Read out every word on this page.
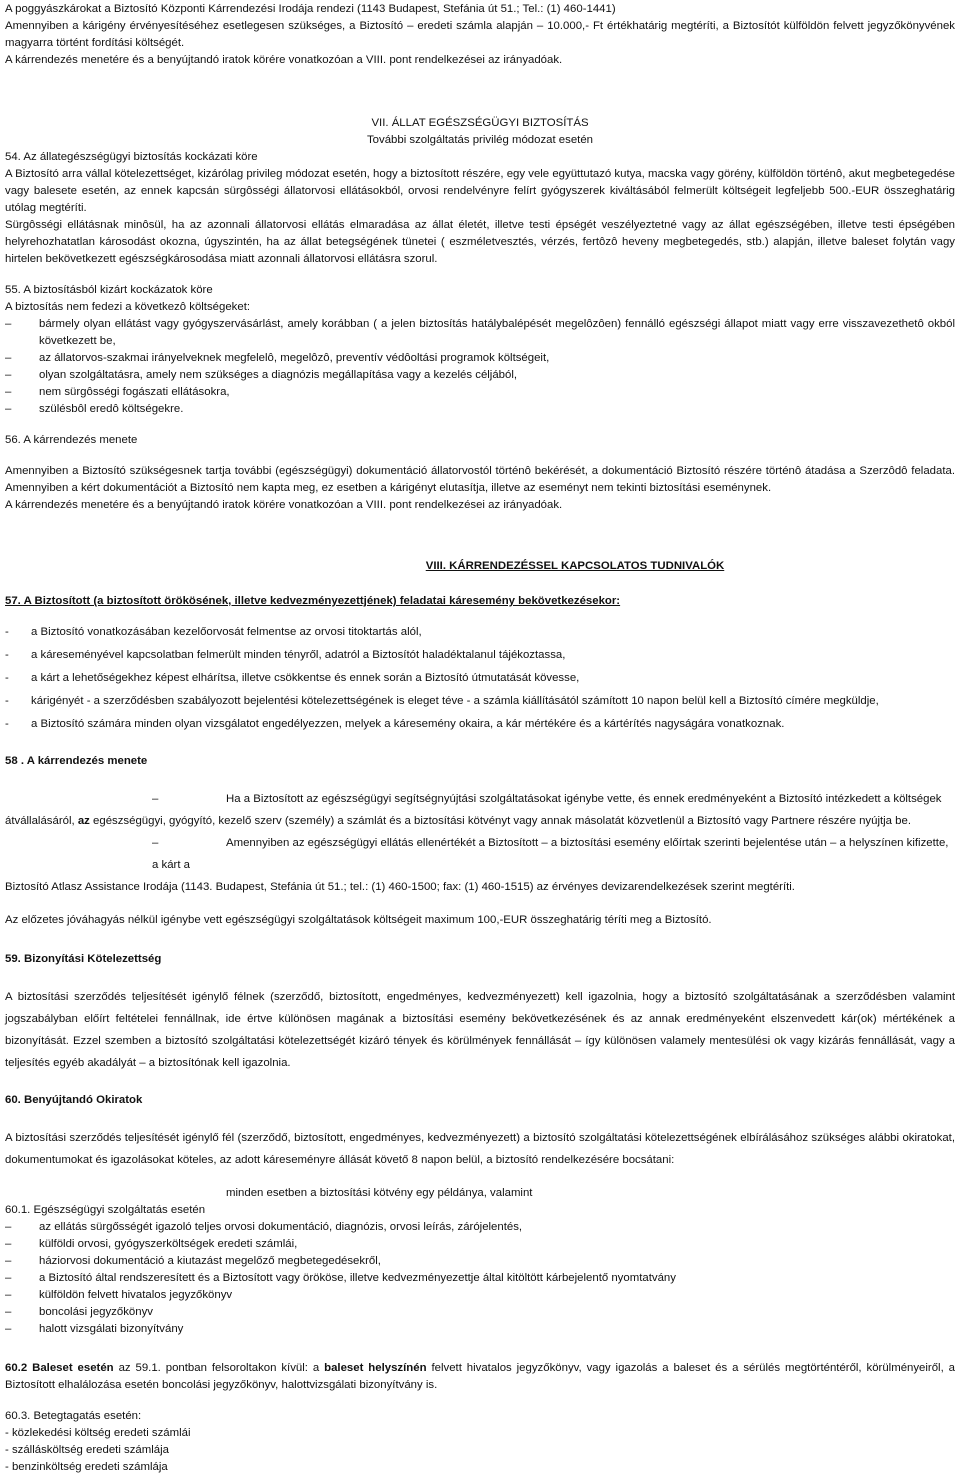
A poggyászkárokat a Biztosító Központi Kárrendezési Irodája rendezi (1143 Budapest, Stefánia út 51.; Tel.: (1) 460-1441)

Amennyiben a kárigény érvényesítéséhez esetlegesen szükséges, a Biztosító – eredeti számla alapján – 10.000,- Ft értékhatárig megtéríti, a Biztosítót külföldön felvett jegyzőkönyvének magyarra történt fordítási költségét.

A kárrendezés menetére és a benyújtandó iratok körére vonatkozóan a VIII. pont rendelkezései az irányadóak.

VII. ÁLLAT EGÉSZSÉGÜGYI BIZTOSÍTÁS

További szolgáltatás privilég módozat esetén

54. Az állategészségügyi biztosítás kockázati köre

A Biztosító arra vállal kötelezettséget, kizárólag privileg módozat esetén, hogy a biztosított részére, egy vele együttutazó kutya, macska vagy görény, külföldön történô, akut megbetegedése vagy balesete esetén, az ennek kapcsán sürgôsségi állatorvosi ellátásokból, orvosi rendelvényre felírt gyógyszerek kiváltásából felmerült költségeit legfeljebb 500.-EUR összeghatárig utólag megtéríti.

Sürgôsségi ellátásnak minôsül, ha az azonnali állatorvosi ellátás elmaradása az állat életét, illetve testi épségét veszélyeztetné vagy az állat egészségében, illetve testi épségében helyrehozhatatlan károsodást okozna, úgyszintén, ha az állat betegségének tünetei ( eszméletvesztés, vérzés, fertôzô heveny megbetegedés, stb.) alapján, illetve baleset folytán vagy hirtelen bekövetkezett egészségkárosodása miatt azonnali állatorvosi ellátásra szorul.

55. A biztosításból kizárt kockázatok köre

A biztosítás nem fedezi a következô költségeket:

–	bármely olyan ellátást vagy gyógyszervásárlást, amely korábban ( a jelen biztosítás hatálybalépését megelôzôen) fennálló egészségi állapot miatt vagy erre visszavezethetô okból következett be,
–	az állatorvos-szakmai irányelveknek megfelelô, megelôzô, preventív védôoltási programok költségeit,
–	olyan szolgáltatásra, amely nem szükséges a diagnózis megállapítása vagy a kezelés céljából,
–	nem sürgôsségi fogászati ellátásokra,
–	szülésbôl eredô költségekre.

56. A kárrendezés menete

Amennyiben a Biztosító szükségesnek tartja további (egészségügyi) dokumentáció állatorvostól történô bekérését, a dokumentáció Biztosító részére történô átadása a Szerzôdô feladata. Amennyiben a kért dokumentációt a Biztosító nem kapta meg, ez esetben a kárigényt elutasítja, illetve az eseményt nem tekinti biztosítási eseménynek.

A kárrendezés menetére és a benyújtandó iratok körére vonatkozóan a VIII. pont rendelkezései az irányadóak.

VIII. KÁRRENDEZÉSSEL KAPCSOLATOS TUDNIVALÓK

57. A Biztosított (a biztosított örökösének, illetve kedvezményezettjének) feladatai káresemény bekövetkezésekor:

-	a Biztosító vonatkozásában kezelőorvosát felmentse az orvosi titoktartás alól,
-	a káreseményével kapcsolatban felmerült minden tényről, adatról a Biztosítót haladéktalanul tájékoztassa,
-	a kárt a lehetőségekhez képest elhárítsa, illetve csökkentse és ennek során a Biztosító útmutatását kövesse,
-	kárigényét - a szerződésben szabályozott bejelentési kötelezettségének is eleget téve - a számla kiállításától számított 10 napon belül kell a Biztosító címére megküldje,
-	a Biztosító számára minden olyan vizsgálatot engedélyezzen, melyek a káresemény okaira, a kár mértékére és a kártérítés nagyságára vonatkoznak.

58 . A kárrendezés menete

–	Ha a Biztosított az egészségügyi segítségnyújtási szolgáltatásokat igénybe vette, és ennek eredményeként a Biztosító intézkedett a költségek

átvállalásáról, az egészségügyi, gyógyító, kezelő szerv (személy) a számlát és a biztosítási kötvényt vagy annak másolatát közvetlenül a Biztosító vagy Partnere részére nyújtja be.

–	Amennyiben az egészségügyi ellátás ellenértékét a Biztosított – a biztosítási esemény előírtak szerinti bejelentése után – a helyszínen kifizette, a kárt a

Biztosító Atlasz Assistance Irodája (1143. Budapest, Stefánia út 51.; tel.: (1) 460-1500; fax: (1) 460-1515) az érvényes devizarendelkezések szerint megtéríti.

Az előzetes jóváhagyás nélkül igénybe vett egészségügyi szolgáltatások költségeit maximum 100,-EUR összeghatárig téríti meg a Biztosító.

59. Bizonyítási Kötelezettség

A biztosítási szerződés teljesítését igénylő félnek (szerződő, biztosított, engedményes, kedvezményezett) kell igazolnia, hogy a biztosító szolgáltatásának a szerződésben valamint jogszabályban előírt feltételei fennállnak, ide értve különösen magának a biztosítási esemény bekövetkezésének és az annak eredményeként elszenvedett kár(ok) mértékének a bizonyítását. Ezzel szemben a biztosító szolgáltatási kötelezettségét kizáró tények és körülmények fennállását – így különösen valamely mentesülési ok vagy kizárás fennállását, vagy a teljesítés egyéb akadályát – a biztosítónak kell igazolnia.

60. Benyújtandó Okiratok

A biztosítási szerződés teljesítését igénylő fél (szerződő, biztosított, engedményes, kedvezményezett) a biztosító szolgáltatási kötelezettségének elbírálásához szükséges alábbi okiratokat, dokumentumokat és igazolásokat köteles, az adott káreseményre állását követő 8 napon belül, a biztosító rendelkezésére bocsátani:

minden esetben a biztosítási kötvény egy példánya, valamint

60.1. Egészségügyi szolgáltatás esetén

–	az ellátás sürgősségét igazoló teljes orvosi dokumentáció, diagnózis, orvosi leírás, zárójelentés,
–	külföldi orvosi, gyógyszerköltségek eredeti számlái,
–	háziorvosi dokumentáció a kiutazást megelőző megbetegedésekről,
–	a Biztosító által rendszeresített és a Biztosított vagy örököse, illetve kedvezményezettje által kitöltött kárbejelentő nyomtatvány
–	külföldön felvett hivatalos jegyzőkönyv
–	boncolási jegyzőkönyv
–	halott vizsgálati bizonyítvány

60.2 Baleset esetén az 59.1. pontban felsoroltakon kívül: a baleset helyszínén felvett hivatalos jegyzőkönyv, vagy igazolás a baleset és a sérülés megtörténtéről, körülményeiről, a Biztosított elhalálozása esetén boncolási jegyzőkönyv, halottvizsgálati bizonyítvány is.

60.3. Betegtagatás esetén:

- közlekedési költség eredeti számlái

- szállásköltség eredeti számlája

- benzinköltség eredeti számlája
